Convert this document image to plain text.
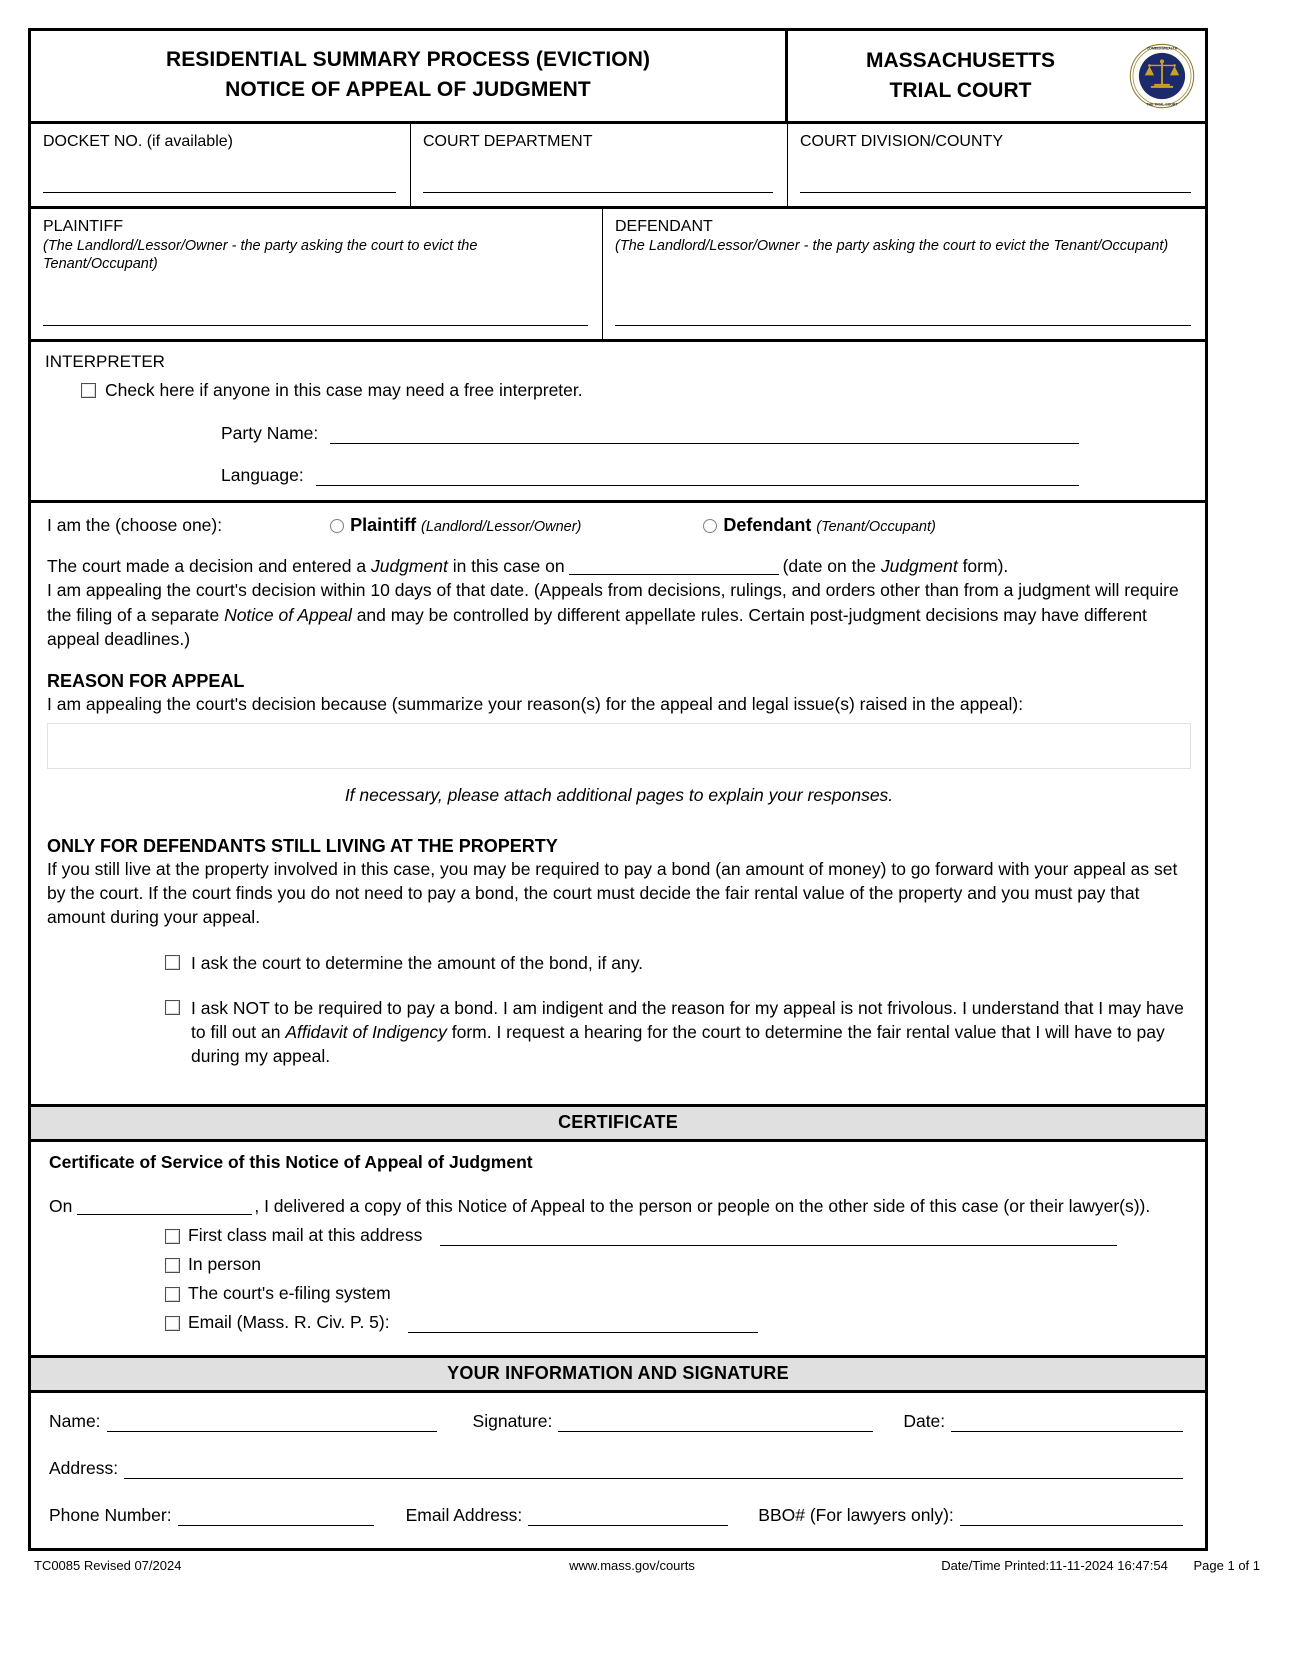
RESIDENTIAL SUMMARY PROCESS (EVICTION)
NOTICE OF APPEAL OF JUDGMENT
MASSACHUSETTS
TRIAL COURT
COMMONWEALTH
THE TRIAL COURT
DOCKET NO. (if available)	COURT DEPARTMENT	COURT DIVISION/COUNTY
PLAINTIFF
(The Landlord/Lessor/Owner - the party asking the court to evict the Tenant/Occupant)
DEFENDANT
(The Landlord/Lessor/Owner - the party asking the court to evict the Tenant/Occupant)
INTERPRETER
Check here if anyone in this case may need a free interpreter.
Party Name:
Language:
I am the (choose one):	Plaintiff (Landlord/Lessor/Owner)	Defendant (Tenant/Occupant)
The court made a decision and entered a Judgment in this case on	(date on the Judgment form).
I am appealing the court's decision within 10 days of that date. (Appeals from decisions, rulings, and orders other than from a judgment will require the filing of a separate Notice of Appeal and may be controlled by different appellate rules. Certain post-judgment decisions may have different appeal deadlines.)
REASON FOR APPEAL
I am appealing the court's decision because (summarize your reason(s) for the appeal and legal issue(s) raised in the appeal):
If necessary, please attach additional pages to explain your responses.
ONLY FOR DEFENDANTS STILL LIVING AT THE PROPERTY
If you still live at the property involved in this case, you may be required to pay a bond (an amount of money) to go forward with your appeal as set by the court. If the court finds you do not need to pay a bond, the court must decide the fair rental value of the property and you must pay that amount during your appeal.
I ask the court to determine the amount of the bond, if any.
I ask NOT to be required to pay a bond. I am indigent and the reason for my appeal is not frivolous. I understand that I may have to fill out an Affidavit of Indigency form. I request a hearing for the court to determine the fair rental value that I will have to pay during my appeal.
CERTIFICATE
Certificate of Service of this Notice of Appeal of Judgment
On	, I delivered a copy of this Notice of Appeal to the person or people on the other side of this case (or their lawyer(s)).
First class mail at this address
In person
The court's e-filing system
Email (Mass. R. Civ. P. 5):
YOUR INFORMATION AND SIGNATURE
Name:	Signature:	Date:
Address:
Phone Number:	Email Address:	BBO# (For lawyers only):
TC0085 Revised 07/2024	www.mass.gov/courts	Date/Time Printed:11-11-2024 16:47:54 Page 1 of 1
